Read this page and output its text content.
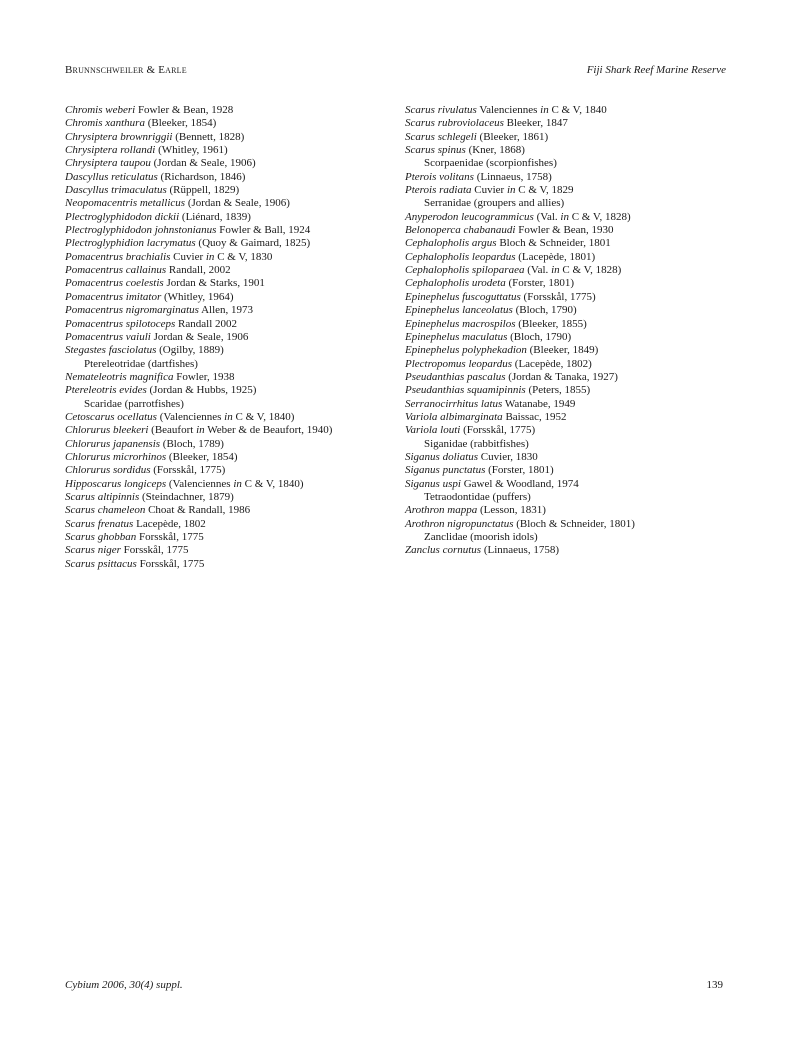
Brunnschweiler & Earle	Fiji Shark Reef Marine Reserve
Chromis weberi Fowler & Bean, 1928
Chromis xanthura (Bleeker, 1854)
Chrysiptera brownriggii (Bennett, 1828)
Chrysiptera rollandi (Whitley, 1961)
Chrysiptera taupou (Jordan & Seale, 1906)
Dascyllus reticulatus (Richardson, 1846)
Dascyllus trimaculatus (Rüppell, 1829)
Neopomacentris metallicus (Jordan & Seale, 1906)
Plectroglyphidodon dickii (Liénard, 1839)
Plectroglyphidodon johnstonianus Fowler & Ball, 1924
Plectroglyphidion lacrymatus (Quoy & Gaimard, 1825)
Pomacentrus brachialis Cuvier in C & V, 1830
Pomacentrus callainus Randall, 2002
Pomacentrus coelestis Jordan & Starks, 1901
Pomacentrus imitator (Whitley, 1964)
Pomacentrus nigromarginatus Allen, 1973
Pomacentrus spilotoceps Randall 2002
Pomacentrus vaiuli Jordan & Seale, 1906
Stegastes fasciolatus (Ogilby, 1889)
Ptereleotridae (dartfishes)
Nemateleotris magnifica Fowler, 1938
Ptereleotris evides (Jordan & Hubbs, 1925)
Scaridae (parrotfishes)
Cetoscarus ocellatus (Valenciennes in C & V, 1840)
Chlorurus bleekeri (Beaufort in Weber & de Beaufort, 1940)
Chlorurus japanensis (Bloch, 1789)
Chlorurus microrhinos (Bleeker, 1854)
Chlorurus sordidus (Forsskål, 1775)
Hipposcarus longiceps (Valenciennes in C & V, 1840)
Scarus altipinnis (Steindachner, 1879)
Scarus chameleon Choat & Randall, 1986
Scarus frenatus Lacepède, 1802
Scarus ghobban Forsskål, 1775
Scarus niger Forsskål, 1775
Scarus psittacus Forsskål, 1775
Scarus rivulatus Valenciennes in C & V, 1840
Scarus rubroviolaceus Bleeker, 1847
Scarus schlegeli (Bleeker, 1861)
Scarus spinus (Kner, 1868)
Scorpaenidae (scorpionfishes)
Pterois volitans (Linnaeus, 1758)
Pterois radiata Cuvier in C & V, 1829
Serranidae (groupers and allies)
Anyperodon leucogrammicus (Val. in C & V, 1828)
Belonoperca chabanaudi Fowler & Bean, 1930
Cephalopholis argus Bloch & Schneider, 1801
Cephalopholis leopardus (Lacepède, 1801)
Cephalopholis spiloparaea (Val. in C & V, 1828)
Cephalopholis urodeta (Forster, 1801)
Epinephelus fuscoguttatus (Forsskål, 1775)
Epinephelus lanceolatus (Bloch, 1790)
Epinephelus macrospilos (Bleeker, 1855)
Epinephelus maculatus (Bloch, 1790)
Epinephelus polyphekadion (Bleeker, 1849)
Plectropomus leopardus (Lacepède, 1802)
Pseudanthias pascalus (Jordan & Tanaka, 1927)
Pseudanthias squamipinnis (Peters, 1855)
Serranocirrhitus latus Watanabe, 1949
Variola albimarginata Baissac, 1952
Variola louti (Forsskål, 1775)
Siganidae (rabbitfishes)
Siganus doliatus Cuvier, 1830
Siganus punctatus (Forster, 1801)
Siganus uspi Gawel & Woodland, 1974
Tetraodontidae (puffers)
Arothron mappa (Lesson, 1831)
Arothron nigropunctatus (Bloch & Schneider, 1801)
Zanclidae (moorish idols)
Zanclus cornutus (Linnaeus, 1758)
Cybium 2006, 30(4) suppl.	139
